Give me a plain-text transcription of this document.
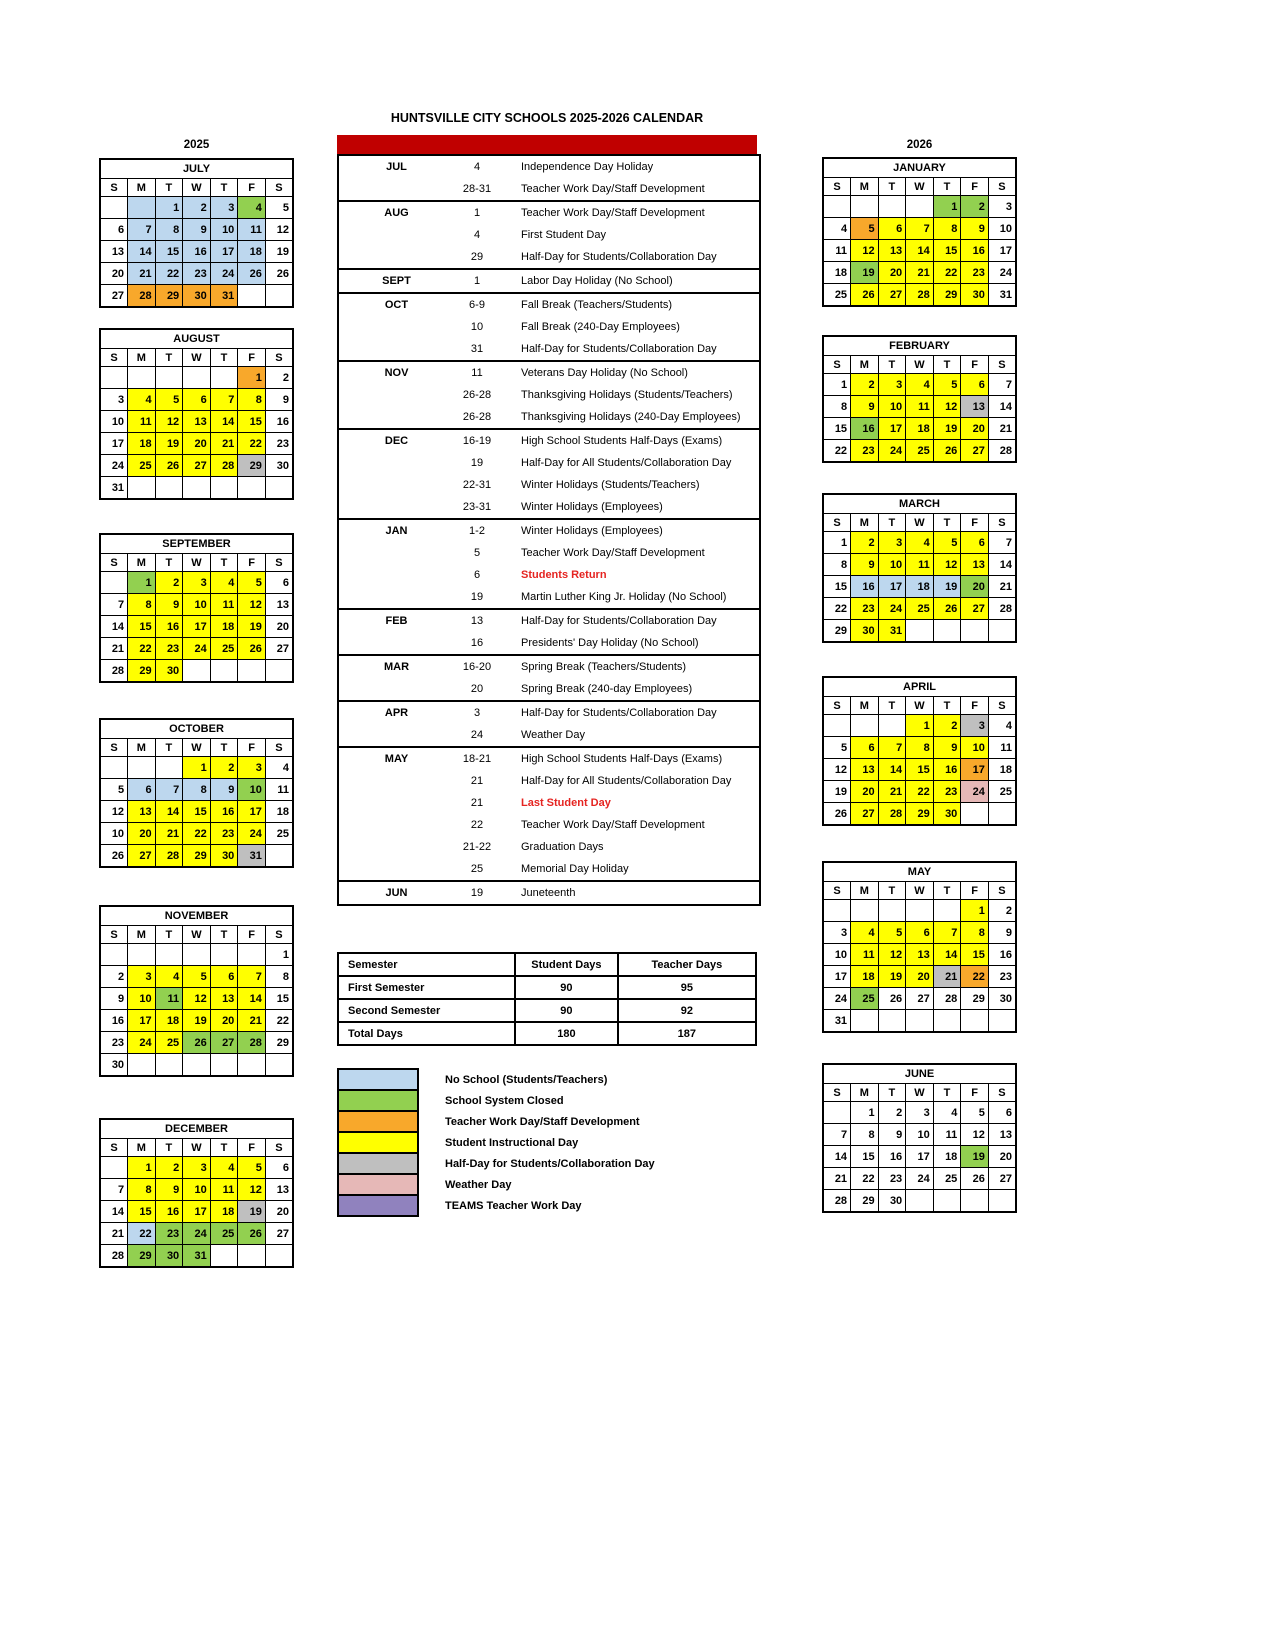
HUNTSVILLE CITY SCHOOLS 2025-2026 CALENDAR
2025	2026
JUL	4	Independence Day Holiday
28-31	Teacher Work Day/Staff Development
AUG	1	Teacher Work Day/Staff Development
4	First Student Day
29	Half-Day for Students/Collaboration Day
SEPT	1	Labor Day Holiday (No School)
OCT	6-9	Fall Break (Teachers/Students)
10	Fall Break (240-Day Employees)
31	Half-Day for Students/Collaboration Day
NOV	11	Veterans Day Holiday (No School)
26-28	Thanksgiving Holidays (Students/Teachers)
26-28	Thanksgiving Holidays (240-Day Employees)
DEC	16-19	High School Students Half-Days (Exams)
19	Half-Day for All Students/Collaboration Day
22-31	Winter Holidays (Students/Teachers)
23-31	Winter Holidays (Employees)
JAN	1-2	Winter Holidays (Employees)
5	Teacher Work Day/Staff Development
6	Students Return
19	Martin Luther King Jr. Holiday (No School)
FEB	13	Half-Day for Students/Collaboration Day
16	Presidents' Day Holiday (No School)
MAR	16-20	Spring Break (Teachers/Students)
20	Spring Break (240-day Employees)
APR	3	Half-Day for Students/Collaboration Day
24	Weather Day
MAY	18-21	High School Students Half-Days (Exams)
21	Half-Day for All Students/Collaboration Day
21	Last Student Day
22	Teacher Work Day/Staff Development
21-22	Graduation Days
25	Memorial Day Holiday
JUN	19	Juneteenth
Semester	Student Days	Teacher Days
First Semester	90	95
Second Semester	90	92
Total Days	180	187
No School (Students/Teachers)
School System Closed
Teacher Work Day/Staff Development
Student Instructional Day
Half-Day for Students/Collaboration Day
Weather Day
TEAMS Teacher Work Day
JULY						
S	M	T	W	T	F	S
		1	2	3	4	5
6	7	8	9	10	11	12
13	14	15	16	17	18	19
20	21	22	23	24	26	26
27	28	29	30	31		
AUGUST						
S	M	T	W	T	F	S
					1	2
3	4	5	6	7	8	9
10	11	12	13	14	15	16
17	18	19	20	21	22	23
24	25	26	27	28	29	30
31						
SEPTEMBER						
S	M	T	W	T	F	S
	1	2	3	4	5	6
7	8	9	10	11	12	13
14	15	16	17	18	19	20
21	22	23	24	25	26	27
28	29	30				
OCTOBER						
S	M	T	W	T	F	S
			1	2	3	4
5	6	7	8	9	10	11
12	13	14	15	16	17	18
10	20	21	22	23	24	25
26	27	28	29	30	31	
NOVEMBER						
S	M	T	W	T	F	S
						1
2	3	4	5	6	7	8
9	10	11	12	13	14	15
16	17	18	19	20	21	22
23	24	25	26	27	28	29
30						
DECEMBER						
S	M	T	W	T	F	S
	1	2	3	4	5	6
7	8	9	10	11	12	13
14	15	16	17	18	19	20
21	22	23	24	25	26	27
28	29	30	31			
JANUARY						
S	M	T	W	T	F	S
				1	2	3
4	5	6	7	8	9	10
11	12	13	14	15	16	17
18	19	20	21	22	23	24
25	26	27	28	29	30	31
FEBRUARY						
S	M	T	W	T	F	S
1	2	3	4	5	6	7
8	9	10	11	12	13	14
15	16	17	18	19	20	21
22	23	24	25	26	27	28
MARCH						
S	M	T	W	T	F	S
1	2	3	4	5	6	7
8	9	10	11	12	13	14
15	16	17	18	19	20	21
22	23	24	25	26	27	28
29	30	31				
APRIL						
S	M	T	W	T	F	S
			1	2	3	4
5	6	7	8	9	10	11
12	13	14	15	16	17	18
19	20	21	22	23	24	25
26	27	28	29	30		
MAY						
S	M	T	W	T	F	S
					1	2
3	4	5	6	7	8	9
10	11	12	13	14	15	16
17	18	19	20	21	22	23
24	25	26	27	28	29	30
31						
JUNE						
S	M	T	W	T	F	S
	1	2	3	4	5	6
7	8	9	10	11	12	13
14	15	16	17	18	19	20
21	22	23	24	25	26	27
28	29	30				
